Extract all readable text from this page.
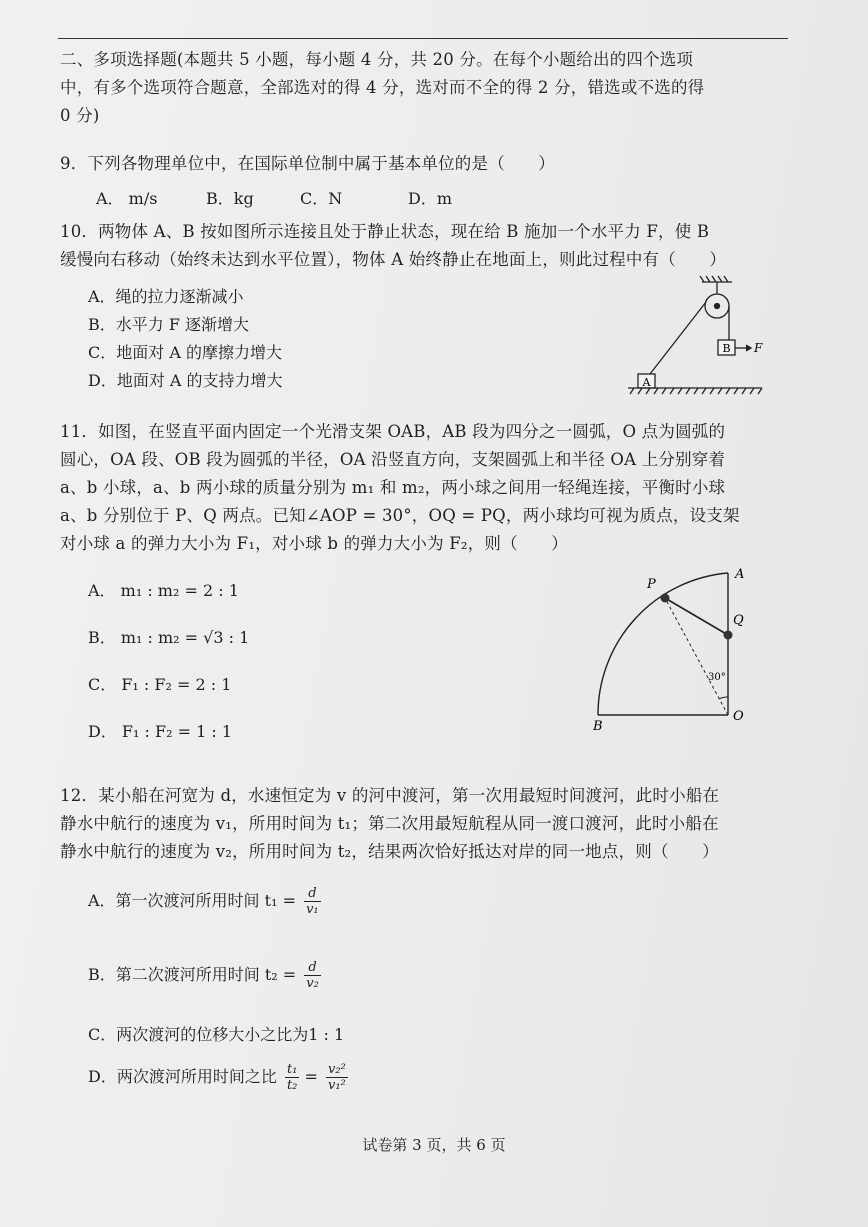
二、多项选择题(本题共 5 小题，每小题 4 分，共 20 分。在每个小题给出的四个选项
中，有多个选项符合题意，全部选对的得 4 分，选对而不全的得 2 分，错选或不选的得
0 分)
9．下列各物理单位中，在国际单位制中属于基本单位的是（　　）
A． m/s	B．kg	C．N	D．m
10．两物体 A、B 按如图所示连接且处于静止状态，现在给 B 施加一个水平力 F，使 B
缓慢向右移动（始终未达到水平位置），物体 A 始终静止在地面上，则此过程中有（　　）
A．绳的拉力逐渐减小
B．水平力 F 逐渐增大
C．地面对 A 的摩擦力增大
D．地面对 A 的支持力增大
B F
A
11．如图，在竖直平面内固定一个光滑支架 OAB，AB 段为四分之一圆弧，O 点为圆弧的
圆心，OA 段、OB 段为圆弧的半径，OA 沿竖直方向，支架圆弧上和半径 OA 上分别穿着
a、b 小球，a、b 两小球的质量分别为 m₁ 和 m₂，两小球之间用一轻绳连接，平衡时小球
a、b 分别位于 P、Q 两点。已知∠AOP = 30°，OQ = PQ，两小球均可视为质点，设支架
对小球 a 的弹力大小为 F₁，对小球 b 的弹力大小为 F₂，则（　　）
A． m₁ : m₂ = 2 : 1
B． m₁ : m₂ = √3 : 1
C． F₁ : F₂ = 2 : 1
D． F₁ : F₂ = 1 : 1
P
A
Q
30°
B
O
12．某小船在河宽为 d，水速恒定为 v 的河中渡河，第一次用最短时间渡河，此时小船在
静水中航行的速度为 v₁，所用时间为 t₁；第二次用最短航程从同一渡口渡河，此时小船在
静水中航行的速度为 v₂，所用时间为 t₂，结果两次恰好抵达对岸的同一地点，则（　　）
A．第一次渡河所用时间 $t_1 = \frac{d}{\text{v₁}}$
B．第二次渡河所用时间 $t_2 = \frac{d}{\text{v₂}}$
C．两次渡河的位移大小之比为1 : 1
D．两次渡河所用时间之比 $\frac{\text{t₁}}{\text{t₂}} = \frac{\text{v₂²}}{\text{v₁²}}$
试卷第 3 页，共 6 页
